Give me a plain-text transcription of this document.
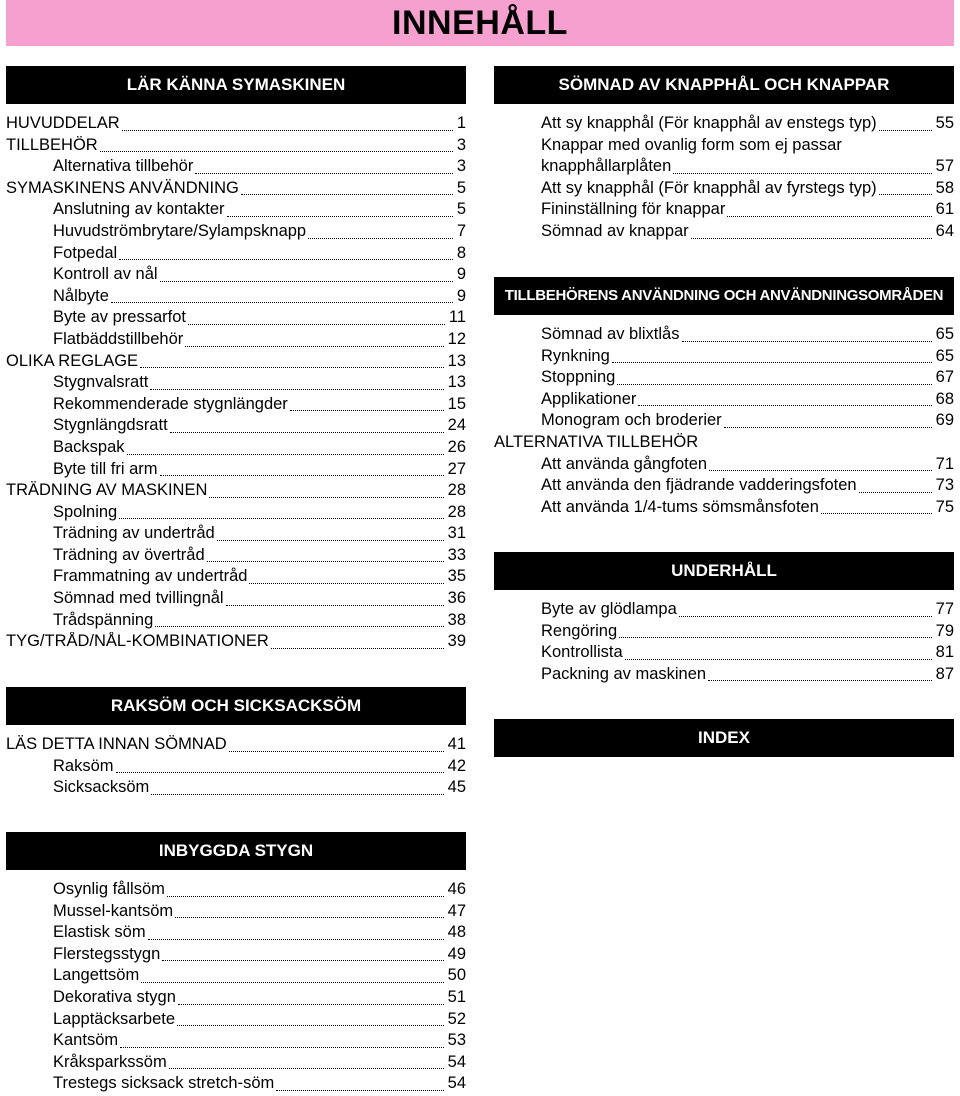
INNEHÅLL
LÄR KÄNNA SYMASKINEN
HUVUDDELAR	1
TILLBEHÖR	3
Alternativa tillbehör	3
SYMASKINENS ANVÄNDNING	5
Anslutning av kontakter	5
Huvudströmbrytare/Sylampsknapp	7
Fotpedal	8
Kontroll av nål	9
Nålbyte	9
Byte av pressarfot	11
Flatbäddstillbehör	12
OLIKA REGLAGE	13
Stygnvalsratt	13
Rekommenderade stygnlängder	15
Stygnlängdsratt	24
Backspak	26
Byte till fri arm	27
TRÄDNING AV MASKINEN	28
Spolning	28
Trädning av undertråd	31
Trädning av övertråd	33
Frammatning av undertråd	35
Sömnad med tvillingnål	36
Trådspänning	38
TYG/TRÅD/NÅL-KOMBINATIONER	39
RAKSÖM OCH SICKSACKSÖM
LÄS DETTA INNAN SÖMNAD	41
Raksöm	42
Sicksacksöm	45
INBYGGDA STYGN
Osynlig fållsöm	46
Mussel-kantsöm	47
Elastisk söm	48
Flerstegsstygn	49
Langettsöm	50
Dekorativa stygn	51
Lapptäcksarbete	52
Kantsöm	53
Kråksparkssöm	54
Trestegs sicksack stretch-söm	54
SÖMNAD AV KNAPPHÅL OCH KNAPPAR
Att sy knapphål (För knapphål av enstegs typ)	55
Knappar med ovanlig form som ej passar
knapphållarplåten	57
Att sy knapphål (För knapphål av fyrstegs typ)	58
Fininställning för knappar	61
Sömnad av knappar	64
TILLBEHÖRENS ANVÄNDNING OCH ANVÄNDNINGSOMRÅDEN
Sömnad av blixtlås	65
Rynkning	65
Stoppning	67
Applikationer	68
Monogram och broderier	69
ALTERNATIVA TILLBEHÖR
Att använda gångfoten	71
Att använda den fjädrande vadderingsfoten	73
Att använda 1/4-tums sömsmånsfoten	75
UNDERHÅLL
Byte av glödlampa	77
Rengöring	79
Kontrollista	81
Packning av maskinen	87
INDEX
